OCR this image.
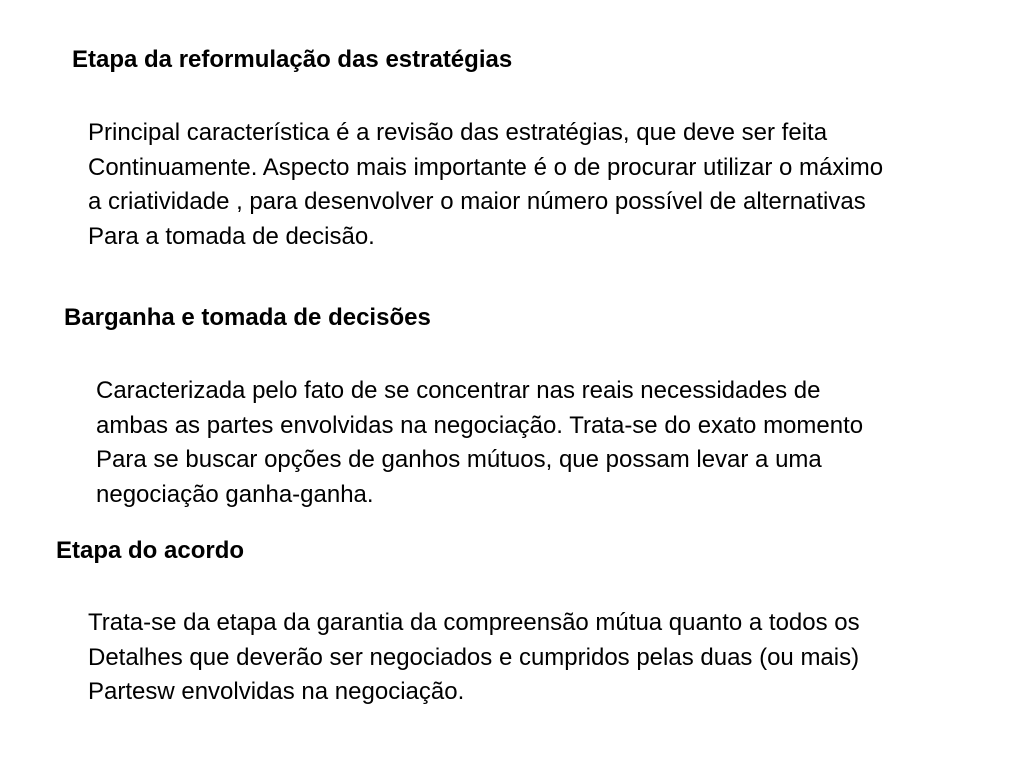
Etapa da reformulação das estratégias

Principal característica é a revisão das estratégias, que deve ser feita
Continuamente. Aspecto mais importante é o de procurar utilizar o máximo
a criatividade , para desenvolver o maior número possível de alternativas
Para a tomada de decisão.

Barganha e tomada de decisões

Caracterizada pelo fato de se concentrar nas reais necessidades de
ambas as partes envolvidas na negociação. Trata-se do exato momento
Para se buscar opções de ganhos mútuos, que possam levar a uma
negociação ganha-ganha.

Etapa do acordo

Trata-se da etapa da garantia da compreensão mútua quanto a todos os
Detalhes que deverão ser negociados e cumpridos pelas duas (ou mais)
Partesw envolvidas na negociação.
